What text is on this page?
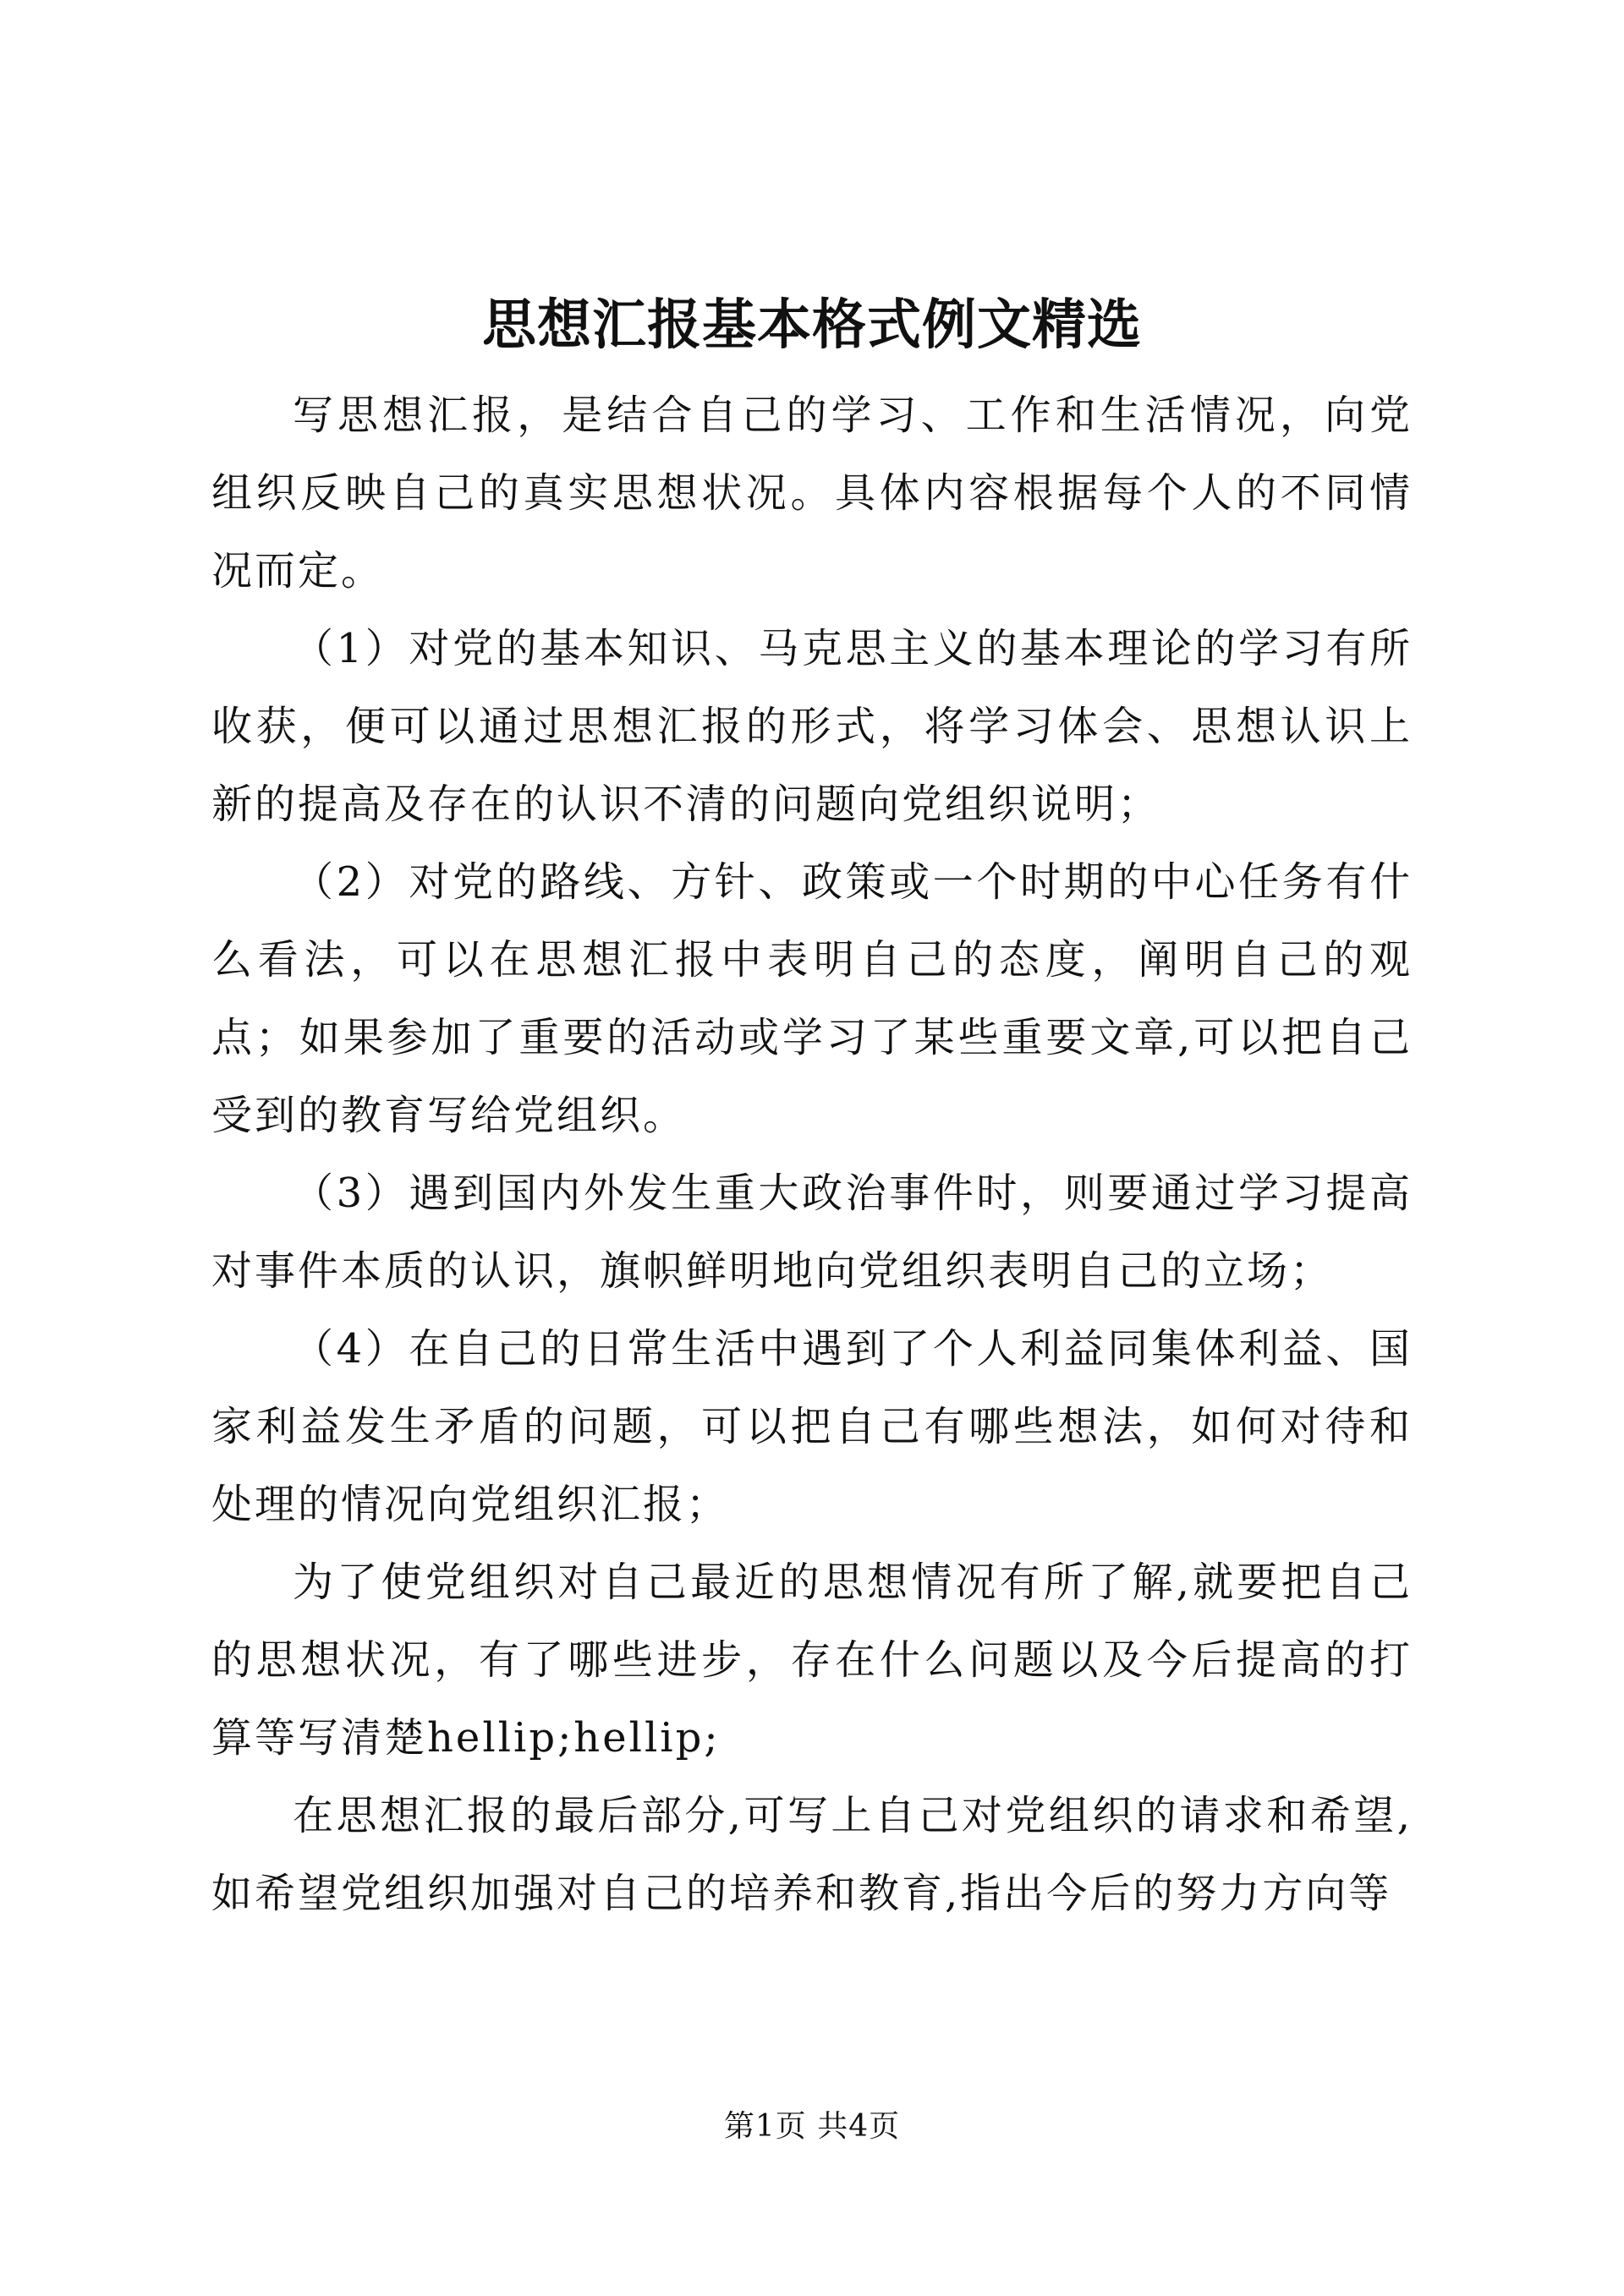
思想汇报基本格式例文精选

写思想汇报，是结合自己的学习、工作和生活情况，向党组织反映自己的真实思想状况。具体内容根据每个人的不同情况而定。

（1）对党的基本知识、马克思主义的基本理论的学习有所收获，便可以通过思想汇报的形式，将学习体会、思想认识上新的提高及存在的认识不清的问题向党组织说明；

（2）对党的路线、方针、政策或一个时期的中心任务有什么看法，可以在思想汇报中表明自己的态度，阐明自己的观点；如果参加了重要的活动或学习了某些重要文章,可以把自己受到的教育写给党组织。

（3）遇到国内外发生重大政治事件时，则要通过学习提高对事件本质的认识，旗帜鲜明地向党组织表明自己的立场；

（4）在自己的日常生活中遇到了个人利益同集体利益、国家利益发生矛盾的问题，可以把自己有哪些想法，如何对待和处理的情况向党组织汇报；

为了使党组织对自己最近的思想情况有所了解,就要把自己的思想状况，有了哪些进步，存在什么问题以及今后提高的打算等写清楚hellip;hellip;

在思想汇报的最后部分,可写上自己对党组织的请求和希望,如希望党组织加强对自己的培养和教育,指出今后的努力方向等

第1页 共4页
